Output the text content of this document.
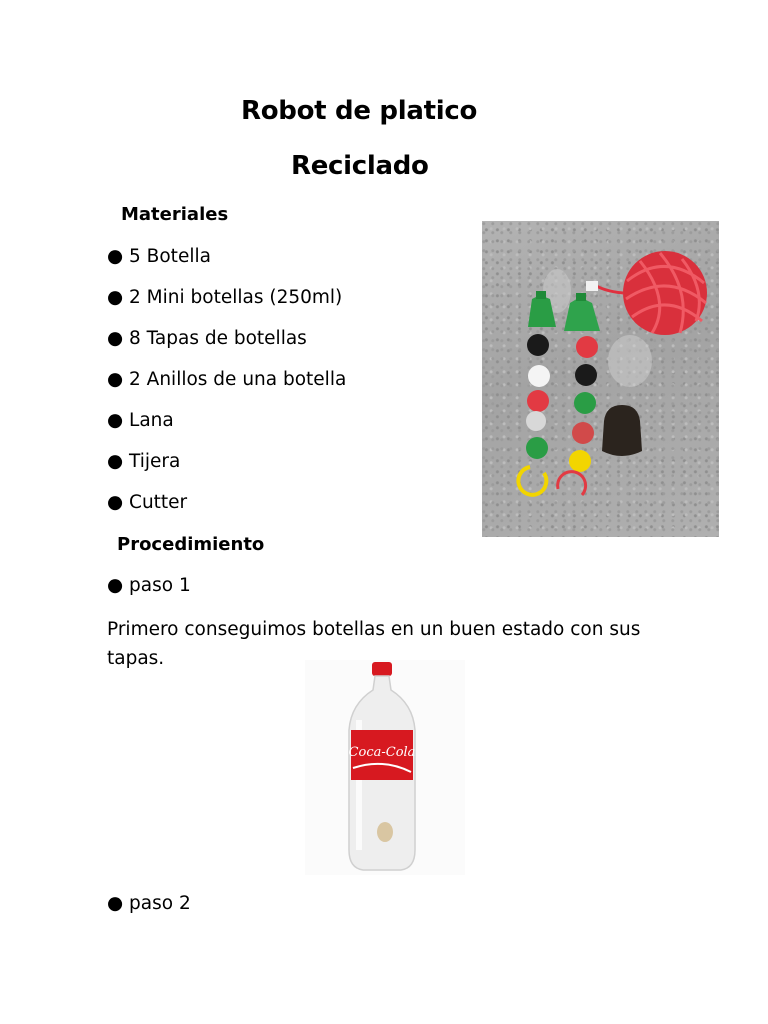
Robot de platico
Reciclado
Materiales
● 5 Botella
● 2 Mini botellas (250ml)
● 8 Tapas de botellas
● 2 Anillos de una botella
● Lana
● Tijera
● Cutter
Procedimiento
● paso 1
Primero conseguimos botellas en un buen estado con sus tapas.
● paso 2
Coca-Cola
